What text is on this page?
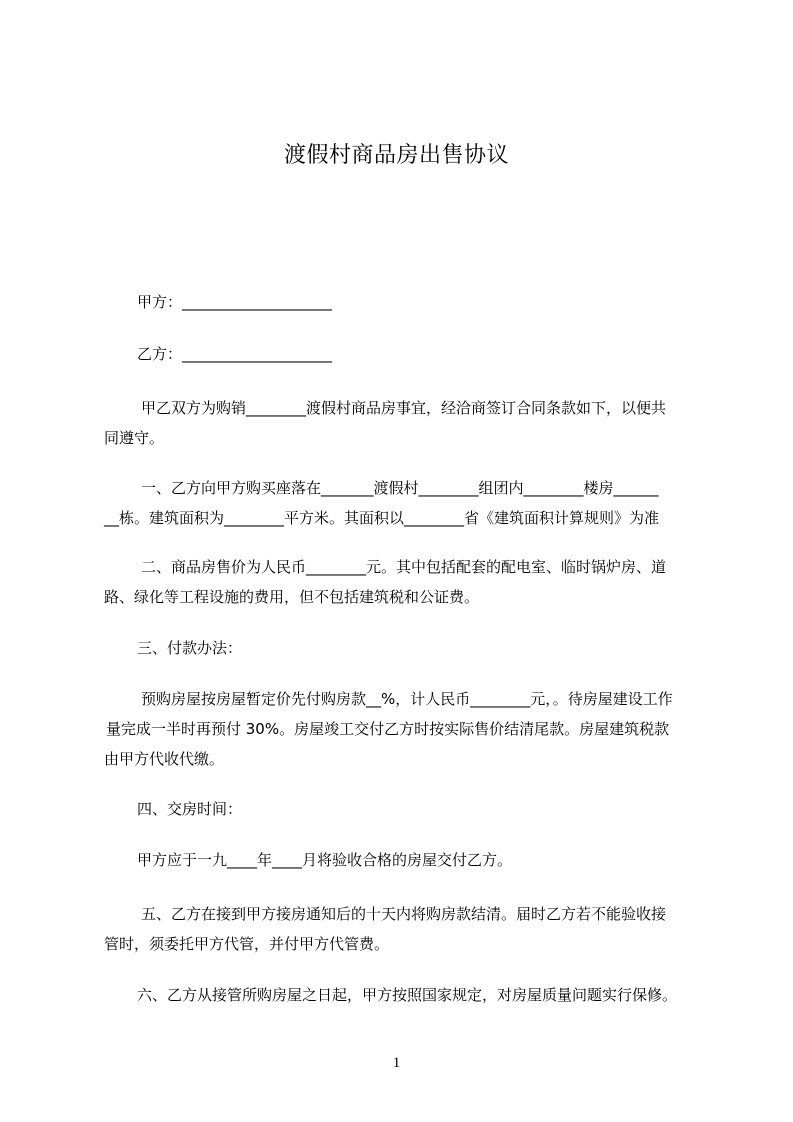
渡假村商品房出售协议
甲方：____________________
乙方：____________________
甲乙双方为购销________渡假村商品房事宜，经洽商签订合同条款如下，以便共
同遵守。
一、乙方向甲方购买座落在_______渡假村________组团内________楼房______
__栋。建筑面积为________平方米。其面积以________省《建筑面积计算规则》为准
二、商品房售价为人民币________元。其中包括配套的配电室、临时锅炉房、道
路、绿化等工程设施的费用，但不包括建筑税和公证费。
三、付款办法：
预购房屋按房屋暂定价先付购房款__%，计人民币________元，。待房屋建设工作
量完成一半时再预付 30%。房屋竣工交付乙方时按实际售价结清尾款。房屋建筑税款
由甲方代收代缴。
四、交房时间：
甲方应于一九____年____月将验收合格的房屋交付乙方。
五、乙方在接到甲方接房通知后的十天内将购房款结清。届时乙方若不能验收接
管时，须委托甲方代管，并付甲方代管费。
六、乙方从接管所购房屋之日起，甲方按照国家规定，对房屋质量问题实行保修。
1
